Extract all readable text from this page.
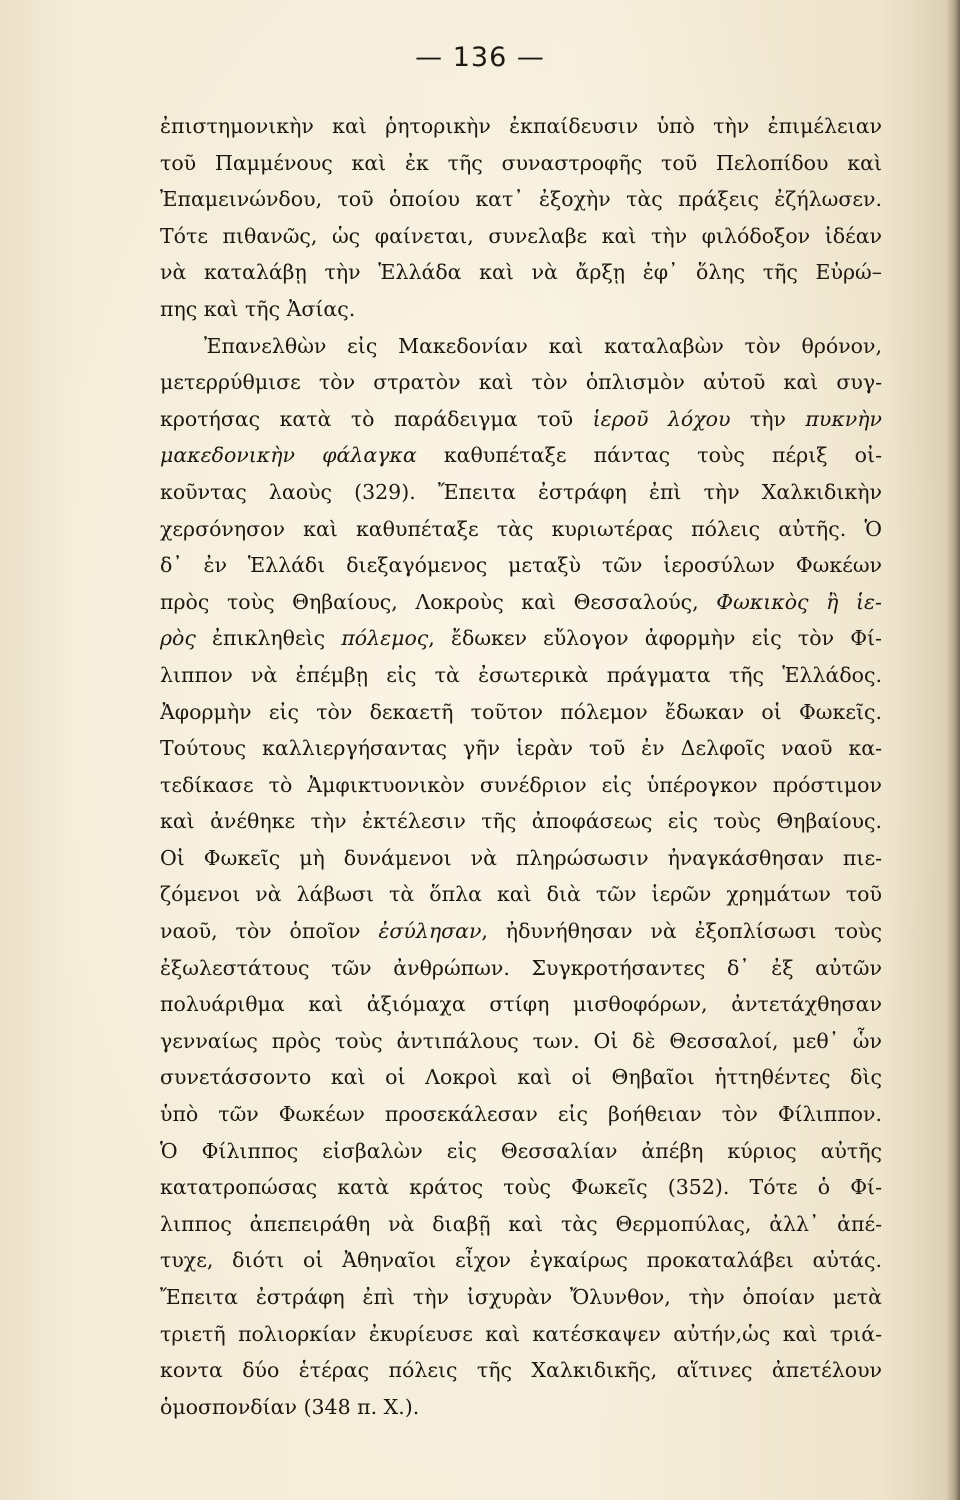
— 136 —
ἐπιστημονικὴν καὶ ῥητορικὴν ἐκπαίδευσιν ὑπὸ τὴν ἐπιμέλειαν
τοῦ Παμμένους καὶ ἐκ τῆς συναστροφῆς τοῦ Πελοπίδου καὶ
Ἐπαμεινώνδου, τοῦ ὁποίου κατ᾽ ἐξοχὴν τὰς πράξεις ἐζήλωσεν.
Τότε πιθανῶς, ὡς φαίνεται, συνελαβε καὶ τὴν φιλόδοξον ἰδέαν
νὰ καταλάβῃ τὴν Ἑλλάδα καὶ νὰ ἄρξῃ ἐφ᾽ ὅλης τῆς Εὐρώ–
πης καὶ τῆς Ἀσίας.
Ἐπανελθὼν εἰς Μακεδονίαν καὶ καταλαβὼν τὸν θρόνον,
μετερρύθμισε τὸν στρατὸν καὶ τὸν ὁπλισμὸν αὐτοῦ καὶ συγ-
κροτήσας κατὰ τὸ παράδειγμα τοῦ ἱεροῦ λόχου τὴν πυκνὴν
μακεδονικὴν φάλαγκα καθυπέταξε πάντας τοὺς πέριξ οἰ-
κοῦντας λαοὺς (329). Ἔπειτα ἐστράφη ἐπὶ τὴν Χαλκιδικὴν
χερσόνησον καὶ καθυπέταξε τὰς κυριωτέρας πόλεις αὐτῆς. Ὁ
δ᾽ ἐν Ἑλλάδι διεξαγόμενος μεταξὺ τῶν ἱεροσύλων Φωκέων
πρὸς τοὺς Θηβαίους, Λοκροὺς καὶ Θεσσαλούς, Φωκικὸς ἢ ἱε-
ρὸς ἐπικληθεὶς πόλεμος, ἔδωκεν εὔλογον ἀφορμὴν εἰς τὸν Φί-
λιππον νὰ ἐπέμβῃ εἰς τὰ ἐσωτερικὰ πράγματα τῆς Ἑλλάδος.
Ἀφορμὴν εἰς τὸν δεκαετῆ τοῦτον πόλεμον ἔδωκαν οἱ Φωκεῖς.
Τούτους καλλιεργήσαντας γῆν ἱερὰν τοῦ ἐν Δελφοῖς ναοῦ κα-
τεδίκασε τὸ Ἀμφικτυονικὸν συνέδριον εἰς ὑπέρογκον πρόστιμον
καὶ ἀνέθηκε τὴν ἐκτέλεσιν τῆς ἀποφάσεως εἰς τοὺς Θηβαίους.
Οἱ Φωκεῖς μὴ δυνάμενοι νὰ πληρώσωσιν ἠναγκάσθησαν πιε-
ζόμενοι νὰ λάβωσι τὰ ὅπλα καὶ διὰ τῶν ἱερῶν χρημάτων τοῦ
ναοῦ, τὸν ὁποῖον ἐσύλησαν, ἠδυνήθησαν νὰ ἐξοπλίσωσι τοὺς
ἐξωλεστάτους τῶν ἀνθρώπων. Συγκροτήσαντες δ᾽ ἐξ αὐτῶν
πολυάριθμα καὶ ἀξιόμαχα στίφη μισθοφόρων, ἀντετάχθησαν
γενναίως πρὸς τοὺς ἀντιπάλους των. Οἱ δὲ Θεσσαλοί, μεθ᾽ ὧν
συνετάσσοντο καὶ οἱ Λοκροὶ καὶ οἱ Θηβαῖοι ἡττηθέντες δὶς
ὑπὸ τῶν Φωκέων προσεκάλεσαν εἰς βοήθειαν τὸν Φίλιππον.
Ὁ Φίλιππος εἰσβαλὼν εἰς Θεσσαλίαν ἀπέβη κύριος αὐτῆς
κατατροπώσας κατὰ κράτος τοὺς Φωκεῖς (352). Τότε ὁ Φί-
λιππος ἀπεπειράθη νὰ διαβῇ καὶ τὰς Θερμοπύλας, ἀλλ᾽ ἀπέ-
τυχε, διότι οἱ Ἀθηναῖοι εἶχον ἐγκαίρως προκαταλάβει αὐτάς.
Ἔπειτα ἐστράφη ἐπὶ τὴν ἰσχυρὰν Ὄλυνθον, τὴν ὁποίαν μετὰ
τριετῆ πολιορκίαν ἐκυρίευσε καὶ κατέσκαψεν αὐτήν,ὡς καὶ τριά-
κοντα δύο ἑτέρας πόλεις τῆς Χαλκιδικῆς, αἵτινες ἀπετέλουν
ὁμοσπονδίαν (348 π. Χ.).
